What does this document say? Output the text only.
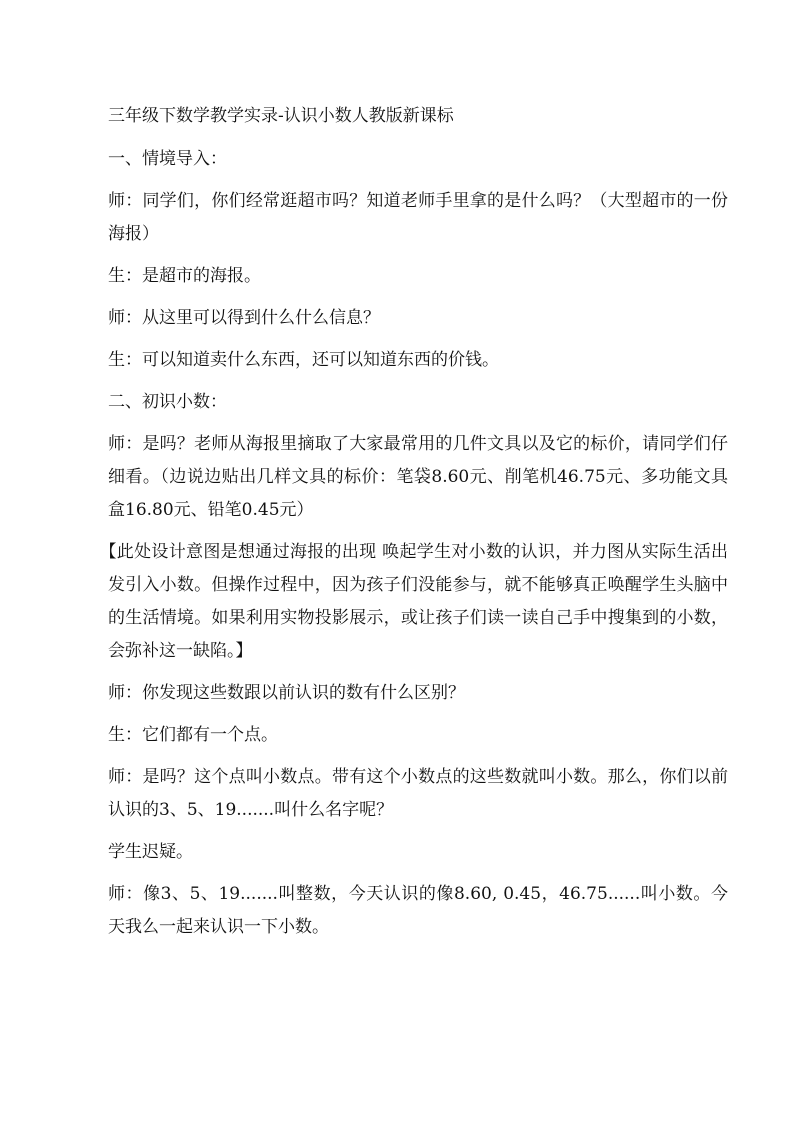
三年级下数学教学实录-认识小数人教版新课标

一、情境导入：

师：同学们，你们经常逛超市吗？知道老师手里拿的是什么吗？（大型超市的一份海报）

生：是超市的海报。

师：从这里可以得到什么什么信息？

生：可以知道卖什么东西，还可以知道东西的价钱。

二、初识小数：

师：是吗？老师从海报里摘取了大家最常用的几件文具以及它的标价，请同学们仔细看。（边说边贴出几样文具的标价：笔袋8.60元、削笔机46.75元、多功能文具盒16.80元、铅笔0.45元）

【此处设计意图是想通过海报的出现 唤起学生对小数的认识，并力图从实际生活出发引入小数。但操作过程中，因为孩子们没能参与，就不能够真正唤醒学生头脑中的生活情境。如果利用实物投影展示，或让孩子们读一读自己手中搜集到的小数，会弥补这一缺陷。】

师：你发现这些数跟以前认识的数有什么区别？

生：它们都有一个点。

师：是吗？这个点叫小数点。带有这个小数点的这些数就叫小数。那么，你们以前认识的3、5、19.......叫什么名字呢？

学生迟疑。

师：像3、5、19.......叫整数，今天认识的像8.60, 0.45，46.75......叫小数。今天我么一起来认识一下小数。
